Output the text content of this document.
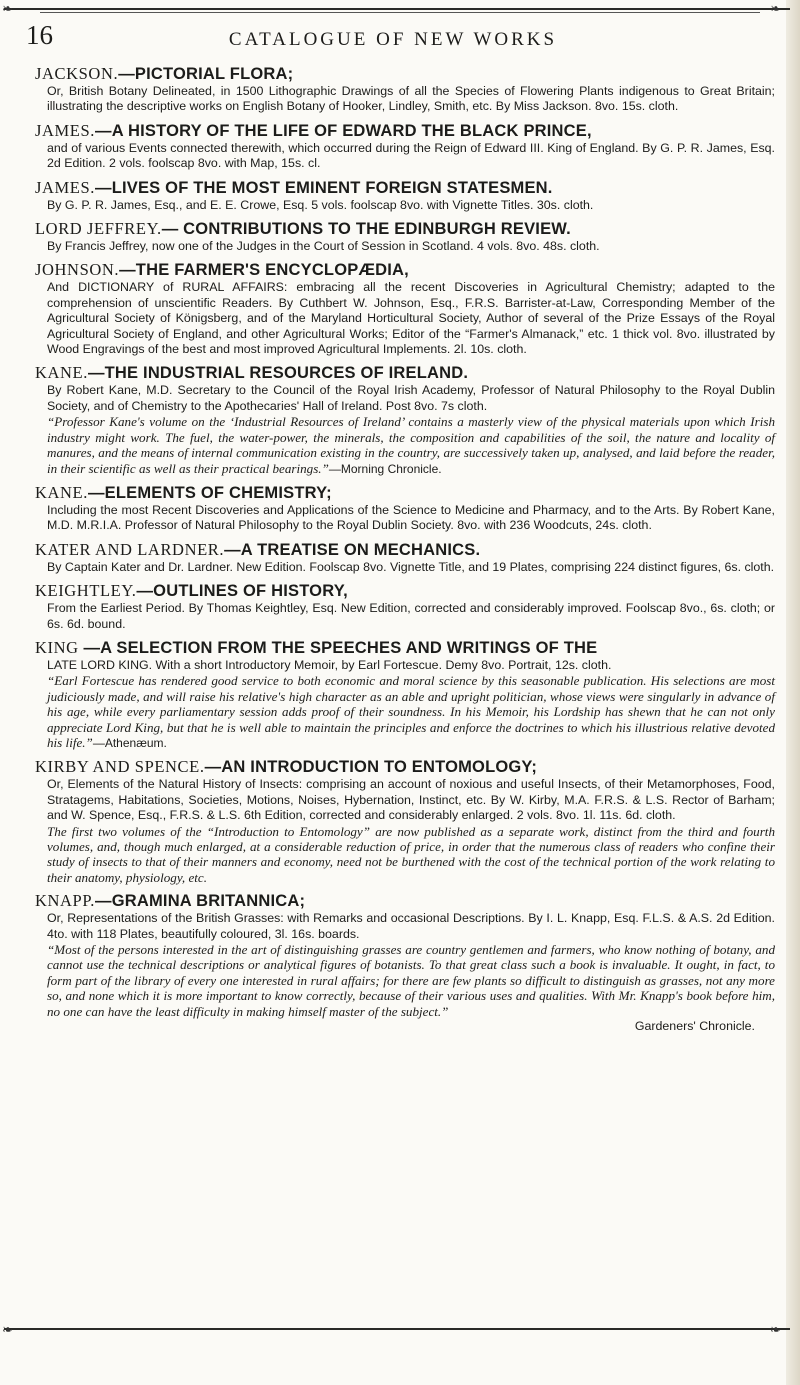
❧	❧
16	CATALOGUE OF NEW WORKS
JACKSON.—PICTORIAL FLORA;
Or, British Botany Delineated, in 1500 Lithographic Drawings of all the Species of Flowering Plants indigenous to Great Britain; illustrating the descriptive works on English Botany of Hooker, Lindley, Smith, etc. By Miss Jackson. 8vo. 15s. cloth.
JAMES.—A HISTORY OF THE LIFE OF EDWARD THE BLACK PRINCE,
and of various Events connected therewith, which occurred during the Reign of Edward III. King of England. By G. P. R. James, Esq. 2d Edition. 2 vols. foolscap 8vo. with Map, 15s. cl.
JAMES.—LIVES OF THE MOST EMINENT FOREIGN STATESMEN.
By G. P. R. James, Esq., and E. E. Crowe, Esq. 5 vols. foolscap 8vo. with Vignette Titles. 30s. cloth.
LORD JEFFREY.— CONTRIBUTIONS TO THE EDINBURGH REVIEW.
By Francis Jeffrey, now one of the Judges in the Court of Session in Scotland. 4 vols. 8vo. 48s. cloth.
JOHNSON.—THE FARMER'S ENCYCLOPÆDIA,
And DICTIONARY of RURAL AFFAIRS: embracing all the recent Discoveries in Agricultural Chemistry; adapted to the comprehension of unscientific Readers. By Cuthbert W. Johnson, Esq., F.R.S. Barrister-at-Law, Corresponding Member of the Agricultural Society of Königsberg, and of the Maryland Horticultural Society, Author of several of the Prize Essays of the Royal Agricultural Society of England, and other Agricultural Works; Editor of the “Farmer's Almanack,” etc. 1 thick vol. 8vo. illustrated by Wood Engravings of the best and most improved Agricultural Implements. 2l. 10s. cloth.
KANE.—THE INDUSTRIAL RESOURCES OF IRELAND.
By Robert Kane, M.D. Secretary to the Council of the Royal Irish Academy, Professor of Natural Philosophy to the Royal Dublin Society, and of Chemistry to the Apothecaries' Hall of Ireland. Post 8vo. 7s cloth.
“Professor Kane's volume on the ‘Industrial Resources of Ireland’ contains a masterly view of the physical materials upon which Irish industry might work. The fuel, the water-power, the minerals, the composition and capabilities of the soil, the nature and locality of manures, and the means of internal communication existing in the country, are successively taken up, analysed, and laid before the reader, in their scientific as well as their practical bearings.”—Morning Chronicle.
KANE.—ELEMENTS OF CHEMISTRY;
Including the most Recent Discoveries and Applications of the Science to Medicine and Pharmacy, and to the Arts. By Robert Kane, M.D. M.R.I.A. Professor of Natural Philosophy to the Royal Dublin Society. 8vo. with 236 Woodcuts, 24s. cloth.
KATER AND LARDNER.—A TREATISE ON MECHANICS.
By Captain Kater and Dr. Lardner. New Edition. Foolscap 8vo. Vignette Title, and 19 Plates, comprising 224 distinct figures, 6s. cloth.
KEIGHTLEY.—OUTLINES OF HISTORY,
From the Earliest Period. By Thomas Keightley, Esq. New Edition, corrected and considerably improved. Foolscap 8vo., 6s. cloth; or 6s. 6d. bound.
KING —A SELECTION FROM THE SPEECHES AND WRITINGS OF THE
LATE LORD KING. With a short Introductory Memoir, by Earl Fortescue. Demy 8vo. Portrait, 12s. cloth.
“Earl Fortescue has rendered good service to both economic and moral science by this seasonable publication. His selections are most judiciously made, and will raise his relative's high character as an able and upright politician, whose views were singularly in advance of his age, while every parliamentary session adds proof of their soundness. In his Memoir, his Lordship has shewn that he can not only appreciate Lord King, but that he is well able to maintain the principles and enforce the doctrines to which his illustrious relative devoted his life.”—Athenæum.
KIRBY AND SPENCE.—AN INTRODUCTION TO ENTOMOLOGY;
Or, Elements of the Natural History of Insects: comprising an account of noxious and useful Insects, of their Metamorphoses, Food, Stratagems, Habitations, Societies, Motions, Noises, Hybernation, Instinct, etc. By W. Kirby, M.A. F.R.S. & L.S. Rector of Barham; and W. Spence, Esq., F.R.S. & L.S. 6th Edition, corrected and considerably enlarged. 2 vols. 8vo. 1l. 11s. 6d. cloth.
The first two volumes of the “Introduction to Entomology” are now published as a separate work, distinct from the third and fourth volumes, and, though much enlarged, at a considerable reduction of price, in order that the numerous class of readers who confine their study of insects to that of their manners and economy, need not be burthened with the cost of the technical portion of the work relating to their anatomy, physiology, etc.
KNAPP.—GRAMINA BRITANNICA;
Or, Representations of the British Grasses: with Remarks and occasional Descriptions. By I. L. Knapp, Esq. F.L.S. & A.S. 2d Edition. 4to. with 118 Plates, beautifully coloured, 3l. 16s. boards.
“Most of the persons interested in the art of distinguishing grasses are country gentlemen and farmers, who know nothing of botany, and cannot use the technical descriptions or analytical figures of botanists. To that great class such a book is invaluable. It ought, in fact, to form part of the library of every one interested in rural affairs; for there are few plants so difficult to distinguish as grasses, not any more so, and none which it is more important to know correctly, because of their various uses and qualities. With Mr. Knapp's book before him, no one can have the least difficulty in making himself master of the subject.”
Gardeners' Chronicle.
❧	❧
